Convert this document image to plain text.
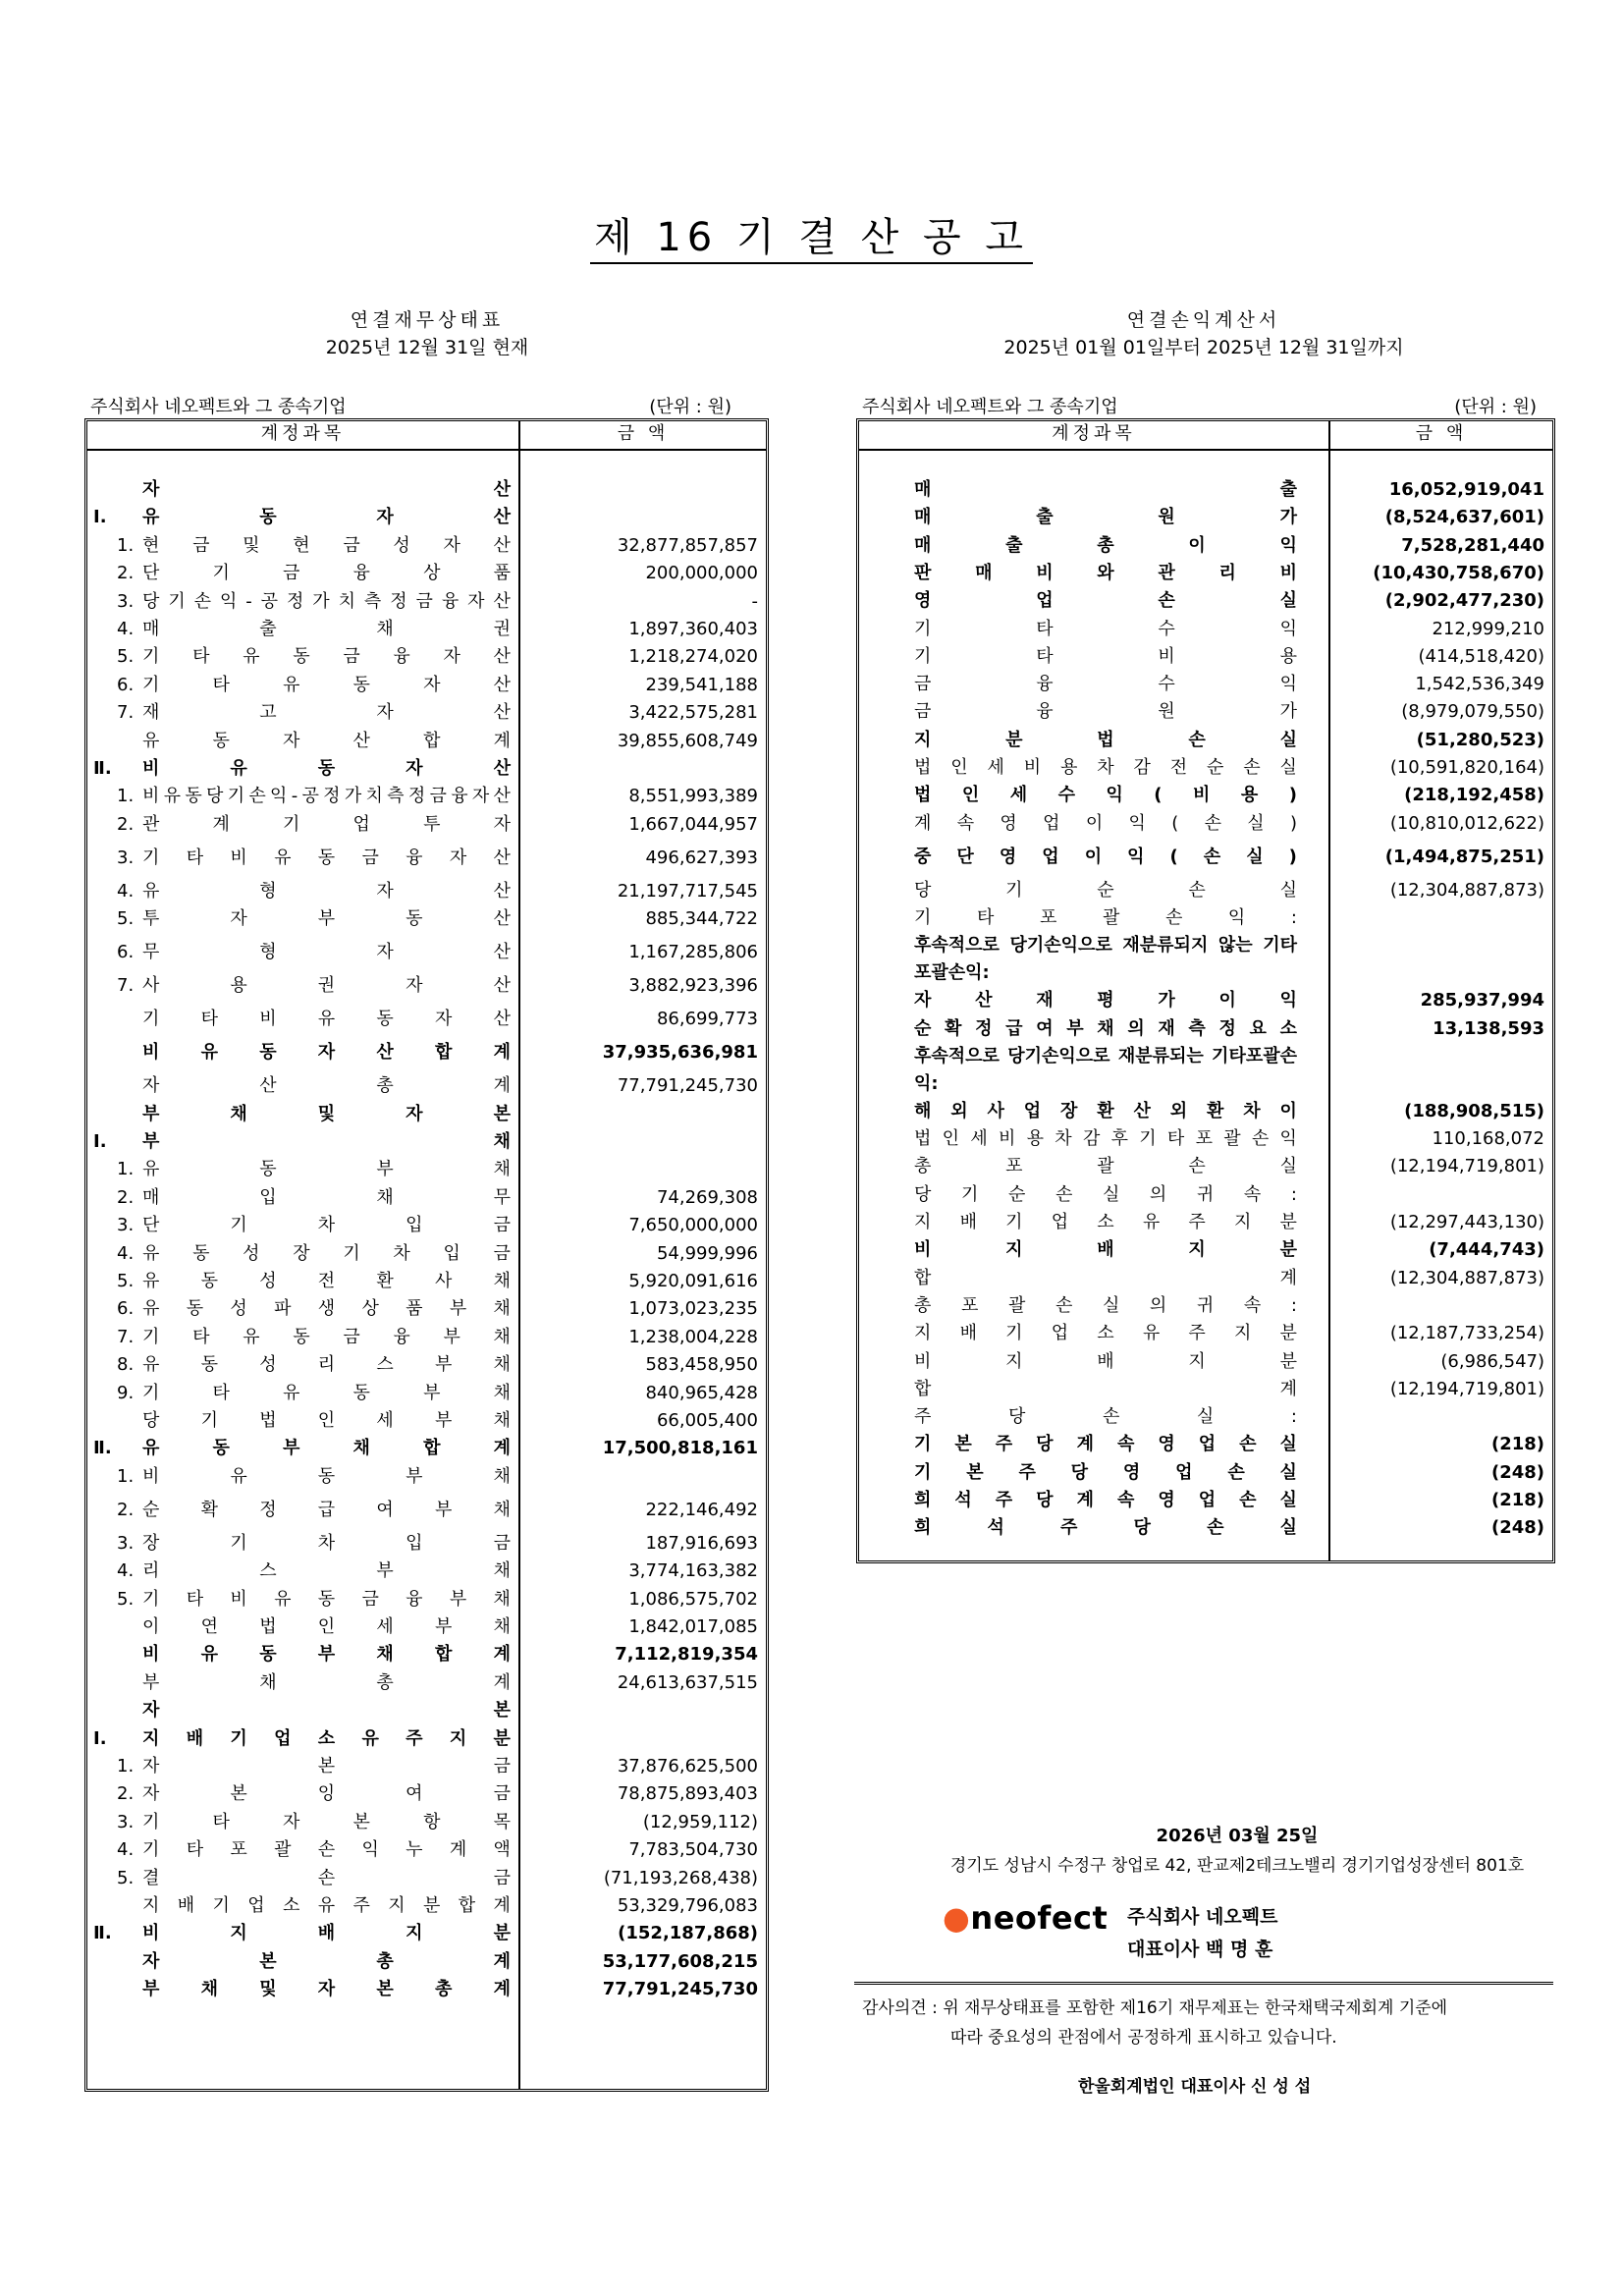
제 16 기 결 산 공 고
연결재무상태표
2025년 12월 31일 현재
주식회사 네오펙트와 그 종속기업	(단위 : 원)
계정과목	금 액
자	산
Ⅰ.	유	동	자	산
1. 현 금 및 현 금 성 자 산	32,877,857,857
2. 단	기	금	융	상	품	200,000,000
3. 당 기 손 익 - 공 정 가 치 측 정 금 융 자 산	-
4. 매	출	채	권	1,897,360,403
5. 기 타 유 동 금 융 자 산	1,218,274,020
6. 기	타	유	동	자	산	239,541,188
7. 재	고	자	산	3,422,575,281
유	동	자	산	합	계	39,855,608,749
Ⅱ.	비	유	동	자	산
1. 비 유 동 당 기 손 익 - 공 정 가 치 측 정 금 융 자 산	8,551,993,389
2. 관	계	기	업	투	자	1,667,044,957
3. 기 타 비 유 동 금 융 자 산	496,627,393
4. 유	형	자	산	21,197,717,545
5. 투	자	부	동	산	885,344,722
6. 무	형	자	산	1,167,285,806
7. 사	용	권	자	산	3,882,923,396
기 타 비 유 동 자 산	86,699,773
비 유 동 자 산 합 계	37,935,636,981
자	산	총	계	77,791,245,730
부	채	및	자	본
Ⅰ.	부	채
1. 유	동	부	채
2. 매	입	채	무	74,269,308
3. 단	기	차	입	금	7,650,000,000
4. 유 동 성 장 기 차 입 금	54,999,996
5. 유 동 성 전 환 사 채	5,920,091,616
6. 유 동 성 파 생 상 품 부 채	1,073,023,235
7. 기 타 유 동 금 융 부 채	1,238,004,228
8. 유 동 성 리 스 부 채	583,458,950
9. 기	타	유	동	부	채	840,965,428
당 기 법 인 세 부 채	66,005,400
Ⅱ.	유	동	부	채	합	계	17,500,818,161
1. 비	유	동	부	채
2. 순 확 정 급 여 부 채	222,146,492
3. 장	기	차	입	금	187,916,693
4. 리	스	부	채	3,774,163,382
5. 기 타 비 유 동 금 융 부 채	1,086,575,702
이 연 법 인 세 부 채	1,842,017,085
비 유 동 부 채 합 계	7,112,819,354
부	채	총	계	24,613,637,515
자	본
Ⅰ.	지 배 기 업 소 유 주 지 분
1. 자	본	금	37,876,625,500
2. 자	본	잉	여	금	78,875,893,403
3. 기	타	자	본	항	목	(12,959,112)
4. 기 타 포 괄 손 익 누 계 액	7,783,504,730
5. 결	손	금	(71,193,268,438)
지 배 기 업 소 유 주 지 분 합 계	53,329,796,083
Ⅱ.	비	지	배	지	분	(152,187,868)
자	본	총	계	53,177,608,215
부 채 및 자 본 총 계	77,791,245,730
연결손익계산서
2025년 01월 01일부터 2025년 12월 31일까지
주식회사 네오펙트와 그 종속기업	(단위 : 원)
계정과목	금 액
매	출	16,052,919,041
매	출	원	가	(8,524,637,601)
매	출	총	이	익	7,528,281,440
판 매 비 와 관 리 비	(10,430,758,670)
영	업	손	실	(2,902,477,230)
기	타	수	익	212,999,210
기	타	비	용	(414,518,420)
금	융	수	익	1,542,536,349
금	융	원	가	(8,979,079,550)
지	분	법	손	실	(51,280,523)
법 인 세 비 용 차 감 전 순 손 실	(10,591,820,164)
법 인 세 수 익 ( 비 용 )	(218,192,458)
계 속 영 업 이 익 ( 손 실 )	(10,810,012,622)
중 단 영 업 이 익 ( 손 실 )	(1,494,875,251)
당	기	순	손	실	(12,304,887,873)
기	타	포	괄	손	익	:
후속적으로 당기손익으로 재분류되지 않는 기타포괄손익:
자 산 재 평 가 이 익	285,937,994
순 확 정 급 여 부 채 의 재 측 정 요 소	13,138,593
후속적으로 당기손익으로 재분류되는 기타포괄손익:
해 외 사 업 장 환 산 외 환 차 이	(188,908,515)
법 인 세 비 용 차 감 후 기 타 포 괄 손 익	110,168,072
총	포	괄	손	실	(12,194,719,801)
당 기 순 손 실 의 귀 속 :
지 배 기 업 소 유 주 지 분	(12,297,443,130)
비	지	배	지	분	(7,444,743)
합	계	(12,304,887,873)
총 포 괄 손 실 의 귀 속 :
지 배 기 업 소 유 주 지 분	(12,187,733,254)
비	지	배	지	분	(6,986,547)
합	계	(12,194,719,801)
주	당	손	실	:
기 본 주 당 계 속 영 업 손 실	(218)
기 본 주 당 영 업 손 실	(248)
희 석 주 당 계 속 영 업 손 실	(218)
희	석	주	당	손	실	(248)
2026년 03월 25일
경기도 성남시 수정구 창업로 42, 판교제2테크노밸리 경기기업성장센터 801호
●neofect 주식회사 네오펙트
대표이사 백 명 훈
감사의견 : 위 재무상태표를 포함한 제16기 재무제표는 한국채택국제회계 기준에
따라 중요성의 관점에서 공정하게 표시하고 있습니다.
한울회계법인 대표이사 신 성 섭
